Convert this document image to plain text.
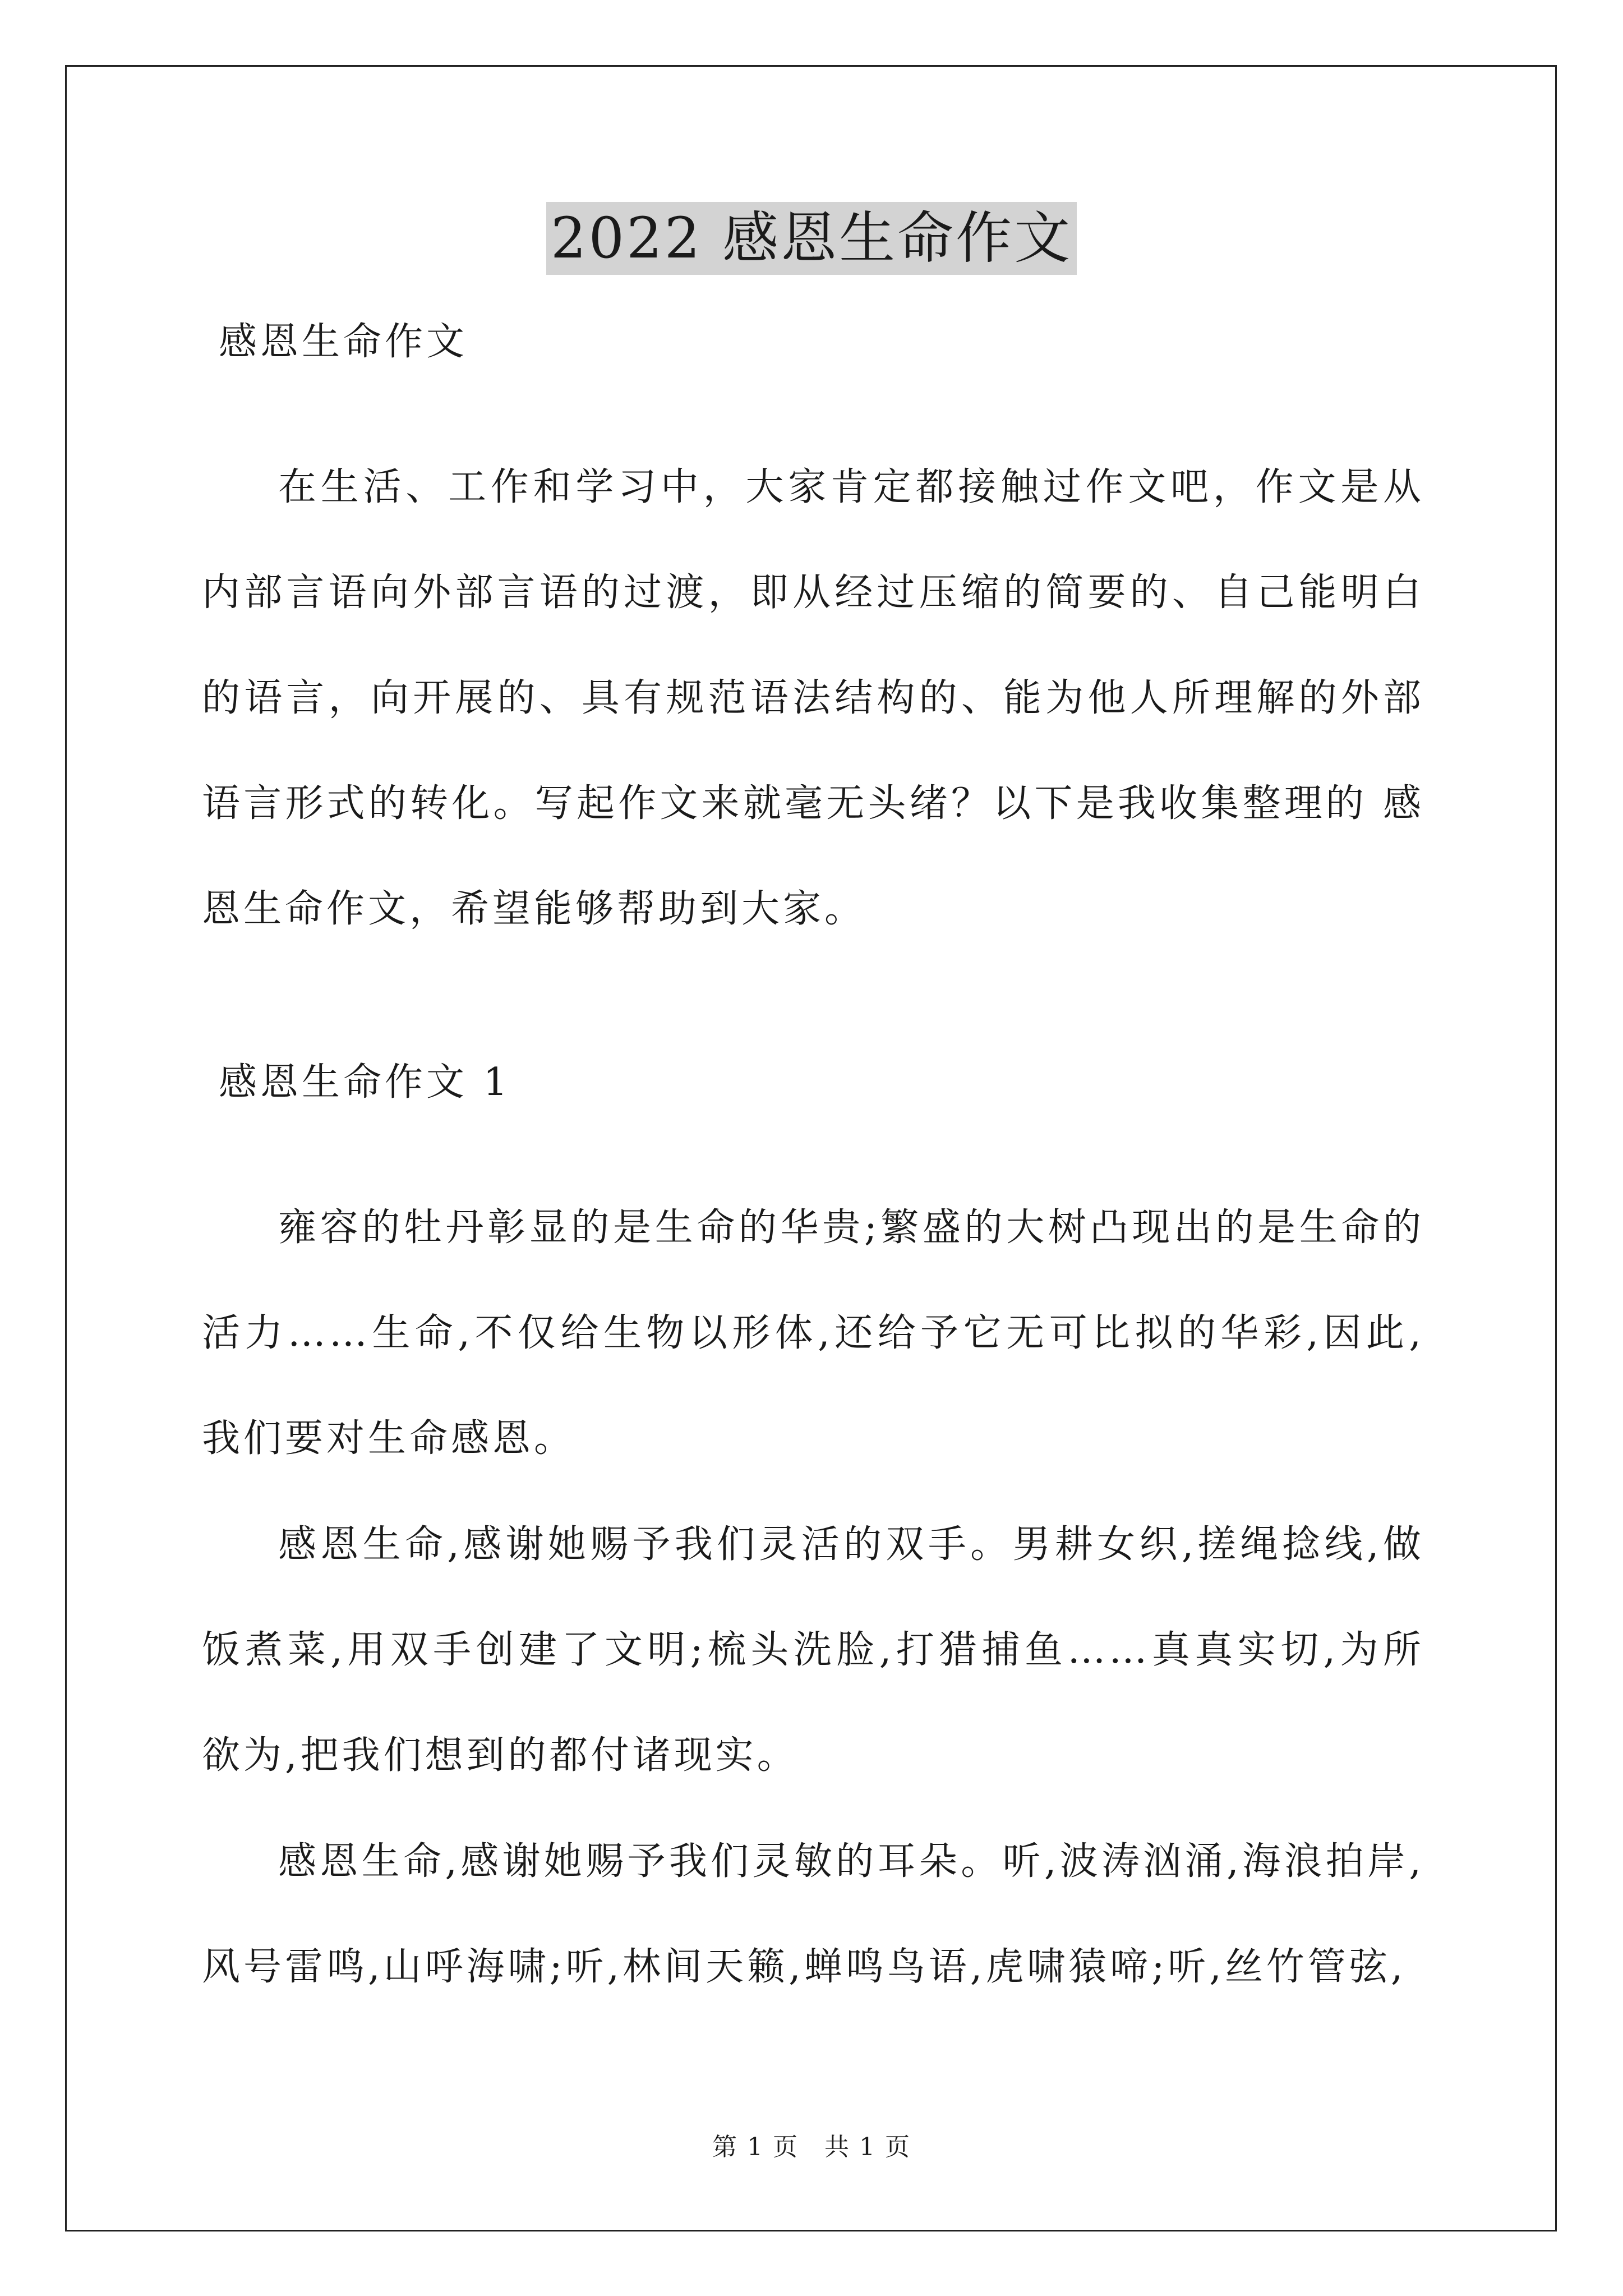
2022 感恩生命作文
感恩生命作文

在生活、工作和学习中，大家肯定都接触过作文吧，作文是从内部言语向外部言语的过渡，即从经过压缩的简要的、自己能明白的语言，向开展的、具有规范语法结构的、能为他人所理解的外部语言形式的转化。写起作文来就毫无头绪？以下是我收集整理的 感恩生命作文，希望能够帮助到大家。

感恩生命作文 1

雍容的牡丹彰显的是生命的华贵;繁盛的大树凸现出的是生命的活力……生命,不仅给生物以形体,还给予它无可比拟的华彩,因此,我们要对生命感恩。

感恩生命,感谢她赐予我们灵活的双手。男耕女织,搓绳捻线,做饭煮菜,用双手创建了文明;梳头洗脸,打猎捕鱼……真真实切,为所欲为,把我们想到的都付诸现实。

感恩生命,感谢她赐予我们灵敏的耳朵。听,波涛汹涌,海浪拍岸,风号雷鸣,山呼海啸;听,林间天籁,蝉鸣鸟语,虎啸猿啼;听,丝竹管弦,

第 1 页　共 1 页
